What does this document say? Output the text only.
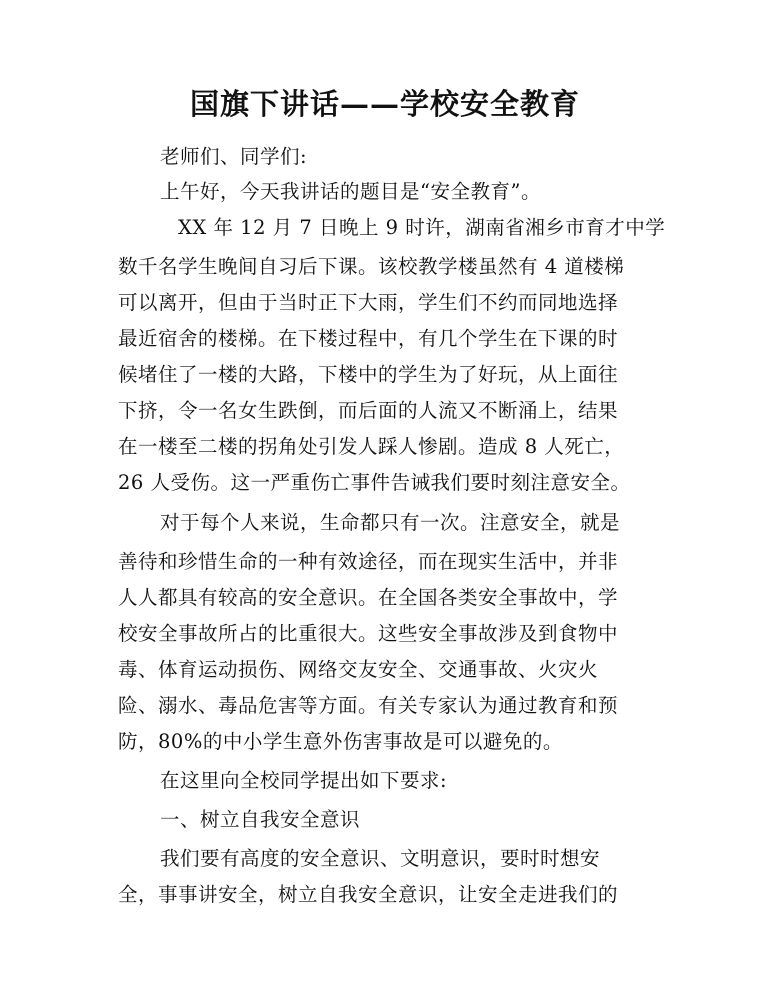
国旗下讲话——学校安全教育
老师们、同学们:
上午好，今天我讲话的题目是“安全教育”。
XX 年 12 月 7 日晚上 9 时许，湖南省湘乡市育才中学
数千名学生晚间自习后下课。该校教学楼虽然有 4 道楼梯
可以离开，但由于当时正下大雨，学生们不约而同地选择
最近宿舍的楼梯。在下楼过程中，有几个学生在下课的时
候堵住了一楼的大路，下楼中的学生为了好玩，从上面往
下挤，令一名女生跌倒，而后面的人流又不断涌上，结果
在一楼至二楼的拐角处引发人踩人惨剧。造成 8 人死亡，
26 人受伤。这一严重伤亡事件告诫我们要时刻注意安全。
对于每个人来说，生命都只有一次。注意安全，就是
善待和珍惜生命的一种有效途径，而在现实生活中，并非
人人都具有较高的安全意识。在全国各类安全事故中，学
校安全事故所占的比重很大。这些安全事故涉及到食物中
毒、体育运动损伤、网络交友安全、交通事故、火灾火
险、溺水、毒品危害等方面。有关专家认为通过教育和预
防，80%的中小学生意外伤害事故是可以避免的。
在这里向全校同学提出如下要求:
一、树立自我安全意识
我们要有高度的安全意识、文明意识，要时时想安
全，事事讲安全，树立自我安全意识，让安全走进我们的
